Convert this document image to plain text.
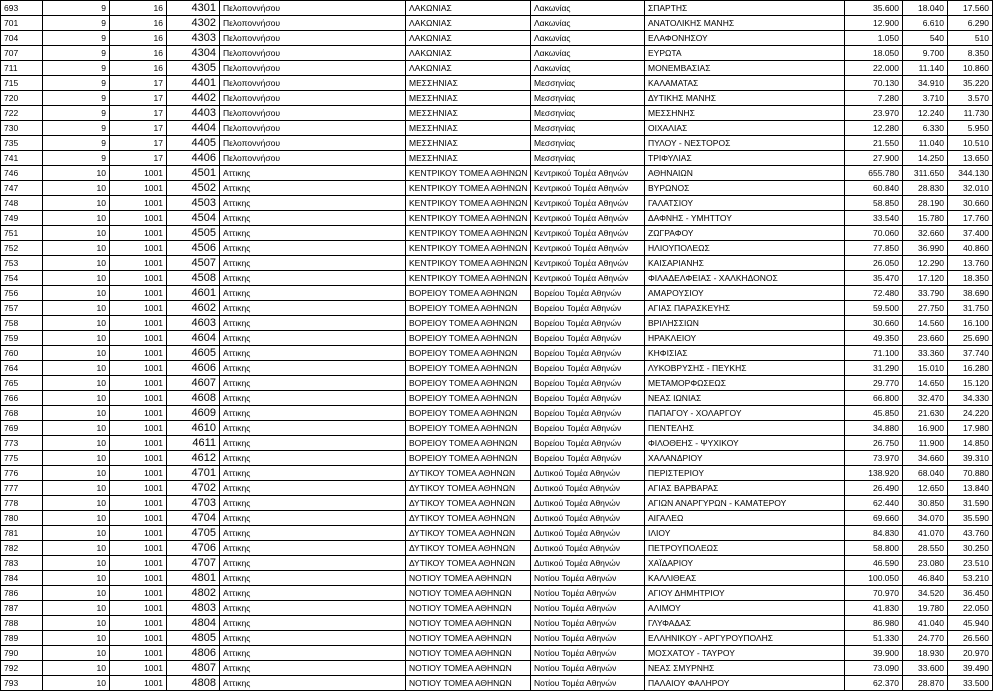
693	9	16	4301	Πελοποννήσου	ΛΑΚΩΝΙΑΣ	Λακωνίας	ΣΠΑΡΤΗΣ	35.600	18.040	17.560
701	9	16	4302	Πελοποννήσου	ΛΑΚΩΝΙΑΣ	Λακωνίας	ΑΝΑΤΟΛΙΚΗΣ ΜΑΝΗΣ	12.900	6.610	6.290
704	9	16	4303	Πελοποννήσου	ΛΑΚΩΝΙΑΣ	Λακωνίας	ΕΛΑΦΟΝΗΣΟΥ	1.050	540	510
707	9	16	4304	Πελοποννήσου	ΛΑΚΩΝΙΑΣ	Λακωνίας	ΕΥΡΩΤΑ	18.050	9.700	8.350
711	9	16	4305	Πελοποννήσου	ΛΑΚΩΝΙΑΣ	Λακωνίας	ΜΟΝΕΜΒΑΣΙΑΣ	22.000	11.140	10.860
715	9	17	4401	Πελοποννήσου	ΜΕΣΣΗΝΙΑΣ	Μεσσηνίας	ΚΑΛΑΜΑΤΑΣ	70.130	34.910	35.220
720	9	17	4402	Πελοποννήσου	ΜΕΣΣΗΝΙΑΣ	Μεσσηνίας	ΔΥΤΙΚΗΣ ΜΑΝΗΣ	7.280	3.710	3.570
722	9	17	4403	Πελοποννήσου	ΜΕΣΣΗΝΙΑΣ	Μεσσηνίας	ΜΕΣΣΗΝΗΣ	23.970	12.240	11.730
730	9	17	4404	Πελοποννήσου	ΜΕΣΣΗΝΙΑΣ	Μεσσηνίας	ΟΙΧΑΛΙΑΣ	12.280	6.330	5.950
735	9	17	4405	Πελοποννήσου	ΜΕΣΣΗΝΙΑΣ	Μεσσηνίας	ΠΥΛΟΥ - ΝΕΣΤΟΡΟΣ	21.550	11.040	10.510
741	9	17	4406	Πελοποννήσου	ΜΕΣΣΗΝΙΑΣ	Μεσσηνίας	ΤΡΙΦΥΛΙΑΣ	27.900	14.250	13.650
746	10	1001	4501	Αττικης	ΚΕΝΤΡΙΚΟΥ ΤΟΜΕΑ ΑΘΗΝΩΝ	Κεντρικού Τομέα Αθηνών	ΑΘΗΝΑΙΩΝ	655.780	311.650	344.130
747	10	1001	4502	Αττικης	ΚΕΝΤΡΙΚΟΥ ΤΟΜΕΑ ΑΘΗΝΩΝ	Κεντρικού Τομέα Αθηνών	ΒΥΡΩΝΟΣ	60.840	28.830	32.010
748	10	1001	4503	Αττικης	ΚΕΝΤΡΙΚΟΥ ΤΟΜΕΑ ΑΘΗΝΩΝ	Κεντρικού Τομέα Αθηνών	ΓΑΛΑΤΣΙΟΥ	58.850	28.190	30.660
749	10	1001	4504	Αττικης	ΚΕΝΤΡΙΚΟΥ ΤΟΜΕΑ ΑΘΗΝΩΝ	Κεντρικού Τομέα Αθηνών	ΔΑΦΝΗΣ - ΥΜΗΤΤΟΥ	33.540	15.780	17.760
751	10	1001	4505	Αττικης	ΚΕΝΤΡΙΚΟΥ ΤΟΜΕΑ ΑΘΗΝΩΝ	Κεντρικού Τομέα Αθηνών	ΖΩΓΡΑΦΟΥ	70.060	32.660	37.400
752	10	1001	4506	Αττικης	ΚΕΝΤΡΙΚΟΥ ΤΟΜΕΑ ΑΘΗΝΩΝ	Κεντρικού Τομέα Αθηνών	ΗΛΙΟΥΠΟΛΕΩΣ	77.850	36.990	40.860
753	10	1001	4507	Αττικης	ΚΕΝΤΡΙΚΟΥ ΤΟΜΕΑ ΑΘΗΝΩΝ	Κεντρικού Τομέα Αθηνών	ΚΑΙΣΑΡΙΑΝΗΣ	26.050	12.290	13.760
754	10	1001	4508	Αττικης	ΚΕΝΤΡΙΚΟΥ ΤΟΜΕΑ ΑΘΗΝΩΝ	Κεντρικού Τομέα Αθηνών	ΦΙΛΑΔΕΛΦΕΙΑΣ - ΧΑΛΚΗΔΟΝΟΣ	35.470	17.120	18.350
756	10	1001	4601	Αττικης	ΒΟΡΕΙΟΥ ΤΟΜΕΑ ΑΘΗΝΩΝ	Βορείου Τομέα Αθηνών	ΑΜΑΡΟΥΣΙΟΥ	72.480	33.790	38.690
757	10	1001	4602	Αττικης	ΒΟΡΕΙΟΥ ΤΟΜΕΑ ΑΘΗΝΩΝ	Βορείου Τομέα Αθηνών	ΑΓΙΑΣ ΠΑΡΑΣΚΕΥΗΣ	59.500	27.750	31.750
758	10	1001	4603	Αττικης	ΒΟΡΕΙΟΥ ΤΟΜΕΑ ΑΘΗΝΩΝ	Βορείου Τομέα Αθηνών	ΒΡΙΛΗΣΣΙΩΝ	30.660	14.560	16.100
759	10	1001	4604	Αττικης	ΒΟΡΕΙΟΥ ΤΟΜΕΑ ΑΘΗΝΩΝ	Βορείου Τομέα Αθηνών	ΗΡΑΚΛΕΙΟΥ	49.350	23.660	25.690
760	10	1001	4605	Αττικης	ΒΟΡΕΙΟΥ ΤΟΜΕΑ ΑΘΗΝΩΝ	Βορείου Τομέα Αθηνών	ΚΗΦΙΣΙΑΣ	71.100	33.360	37.740
764	10	1001	4606	Αττικης	ΒΟΡΕΙΟΥ ΤΟΜΕΑ ΑΘΗΝΩΝ	Βορείου Τομέα Αθηνών	ΛΥΚΟΒΡΥΣΗΣ - ΠΕΥΚΗΣ	31.290	15.010	16.280
765	10	1001	4607	Αττικης	ΒΟΡΕΙΟΥ ΤΟΜΕΑ ΑΘΗΝΩΝ	Βορείου Τομέα Αθηνών	ΜΕΤΑΜΟΡΦΩΣΕΩΣ	29.770	14.650	15.120
766	10	1001	4608	Αττικης	ΒΟΡΕΙΟΥ ΤΟΜΕΑ ΑΘΗΝΩΝ	Βορείου Τομέα Αθηνών	ΝΕΑΣ ΙΩΝΙΑΣ	66.800	32.470	34.330
768	10	1001	4609	Αττικης	ΒΟΡΕΙΟΥ ΤΟΜΕΑ ΑΘΗΝΩΝ	Βορείου Τομέα Αθηνών	ΠΑΠΑΓΟΥ - ΧΟΛΑΡΓΟΥ	45.850	21.630	24.220
769	10	1001	4610	Αττικης	ΒΟΡΕΙΟΥ ΤΟΜΕΑ ΑΘΗΝΩΝ	Βορείου Τομέα Αθηνών	ΠΕΝΤΕΛΗΣ	34.880	16.900	17.980
773	10	1001	4611	Αττικης	ΒΟΡΕΙΟΥ ΤΟΜΕΑ ΑΘΗΝΩΝ	Βορείου Τομέα Αθηνών	ΦΙΛΟΘΕΗΣ - ΨΥΧΙΚΟΥ	26.750	11.900	14.850
775	10	1001	4612	Αττικης	ΒΟΡΕΙΟΥ ΤΟΜΕΑ ΑΘΗΝΩΝ	Βορείου Τομέα Αθηνών	ΧΑΛΑΝΔΡΙΟΥ	73.970	34.660	39.310
776	10	1001	4701	Αττικης	ΔΥΤΙΚΟΥ ΤΟΜΕΑ ΑΘΗΝΩΝ	Δυτικού Τομέα Αθηνών	ΠΕΡΙΣΤΕΡΙΟΥ	138.920	68.040	70.880
777	10	1001	4702	Αττικης	ΔΥΤΙΚΟΥ ΤΟΜΕΑ ΑΘΗΝΩΝ	Δυτικού Τομέα Αθηνών	ΑΓΙΑΣ ΒΑΡΒΑΡΑΣ	26.490	12.650	13.840
778	10	1001	4703	Αττικης	ΔΥΤΙΚΟΥ ΤΟΜΕΑ ΑΘΗΝΩΝ	Δυτικού Τομέα Αθηνών	ΑΓΙΩΝ ΑΝΑΡΓΥΡΩΝ - ΚΑΜΑΤΕΡΟΥ	62.440	30.850	31.590
780	10	1001	4704	Αττικης	ΔΥΤΙΚΟΥ ΤΟΜΕΑ ΑΘΗΝΩΝ	Δυτικού Τομέα Αθηνών	ΑΙΓΑΛΕΩ	69.660	34.070	35.590
781	10	1001	4705	Αττικης	ΔΥΤΙΚΟΥ ΤΟΜΕΑ ΑΘΗΝΩΝ	Δυτικού Τομέα Αθηνών	ΙΛΙΟΥ	84.830	41.070	43.760
782	10	1001	4706	Αττικης	ΔΥΤΙΚΟΥ ΤΟΜΕΑ ΑΘΗΝΩΝ	Δυτικού Τομέα Αθηνών	ΠΕΤΡΟΥΠΟΛΕΩΣ	58.800	28.550	30.250
783	10	1001	4707	Αττικης	ΔΥΤΙΚΟΥ ΤΟΜΕΑ ΑΘΗΝΩΝ	Δυτικού Τομέα Αθηνών	ΧΑΪΔΑΡΙΟΥ	46.590	23.080	23.510
784	10	1001	4801	Αττικης	ΝΟΤΙΟΥ ΤΟΜΕΑ ΑΘΗΝΩΝ	Νοτίου Τομέα Αθηνών	ΚΑΛΛΙΘΕΑΣ	100.050	46.840	53.210
786	10	1001	4802	Αττικης	ΝΟΤΙΟΥ ΤΟΜΕΑ ΑΘΗΝΩΝ	Νοτίου Τομέα Αθηνών	ΑΓΙΟΥ ΔΗΜΗΤΡΙΟΥ	70.970	34.520	36.450
787	10	1001	4803	Αττικης	ΝΟΤΙΟΥ ΤΟΜΕΑ ΑΘΗΝΩΝ	Νοτίου Τομέα Αθηνών	ΑΛΙΜΟΥ	41.830	19.780	22.050
788	10	1001	4804	Αττικης	ΝΟΤΙΟΥ ΤΟΜΕΑ ΑΘΗΝΩΝ	Νοτίου Τομέα Αθηνών	ΓΛΥΦΑΔΑΣ	86.980	41.040	45.940
789	10	1001	4805	Αττικης	ΝΟΤΙΟΥ ΤΟΜΕΑ ΑΘΗΝΩΝ	Νοτίου Τομέα Αθηνών	ΕΛΛΗΝΙΚΟΥ - ΑΡΓΥΡΟΥΠΟΛΗΣ	51.330	24.770	26.560
790	10	1001	4806	Αττικης	ΝΟΤΙΟΥ ΤΟΜΕΑ ΑΘΗΝΩΝ	Νοτίου Τομέα Αθηνών	ΜΟΣΧΑΤΟΥ - ΤΑΥΡΟΥ	39.900	18.930	20.970
792	10	1001	4807	Αττικης	ΝΟΤΙΟΥ ΤΟΜΕΑ ΑΘΗΝΩΝ	Νοτίου Τομέα Αθηνών	ΝΕΑΣ ΣΜΥΡΝΗΣ	73.090	33.600	39.490
793	10	1001	4808	Αττικης	ΝΟΤΙΟΥ ΤΟΜΕΑ ΑΘΗΝΩΝ	Νοτίου Τομέα Αθηνών	ΠΑΛΑΙΟΥ ΦΑΛΗΡΟΥ	62.370	28.870	33.500
